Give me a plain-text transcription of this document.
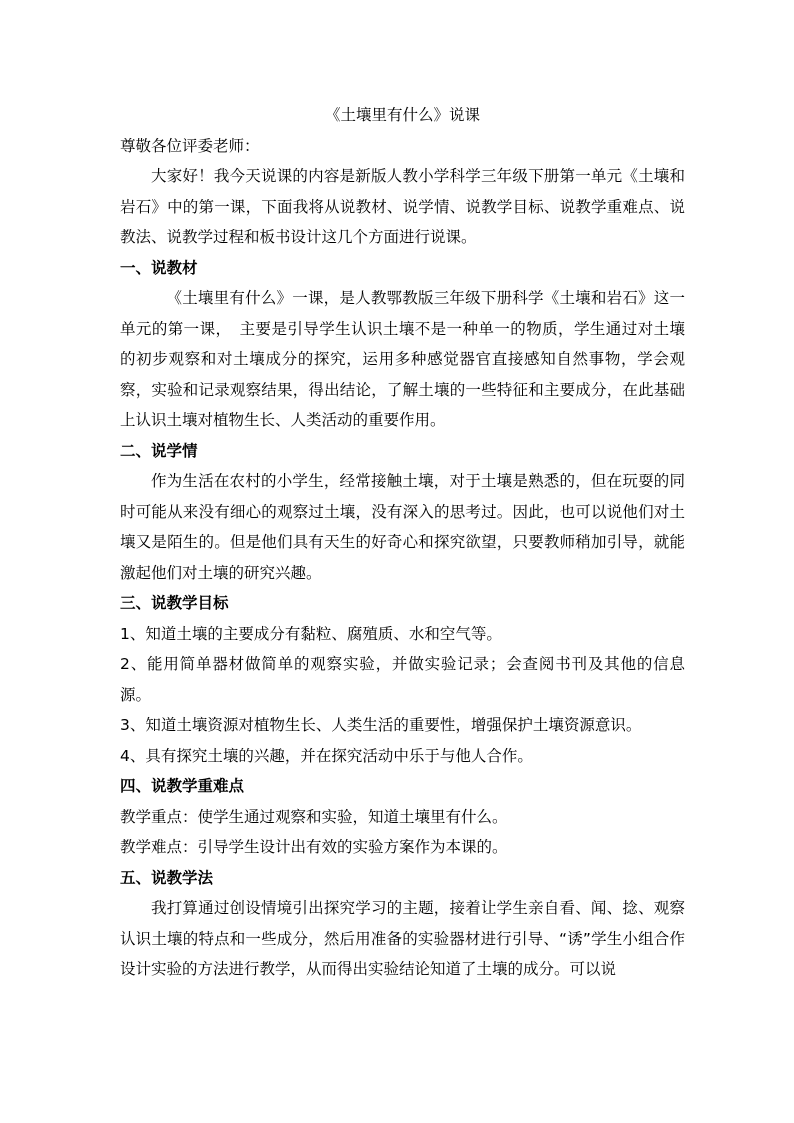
《土壤里有什么》说课

尊敬各位评委老师：

大家好！我今天说课的内容是新版人教小学科学三年级下册第一单元《土壤和岩石》中的第一课，下面我将从说教材、说学情、说教学目标、说教学重难点、说教法、说教学过程和板书设计这几个方面进行说课。

一、说教材

《土壤里有什么》一课，是人教鄂教版三年级下册科学《土壤和岩石》这一单元的第一课，　主要是引导学生认识土壤不是一种单一的物质，学生通过对土壤的初步观察和对土壤成分的探究，运用多种感觉器官直接感知自然事物，学会观察，实验和记录观察结果，得出结论，了解土壤的一些特征和主要成分，在此基础上认识土壤对植物生长、人类活动的重要作用。

二、说学情

作为生活在农村的小学生，经常接触土壤，对于土壤是熟悉的，但在玩耍的同时可能从来没有细心的观察过土壤，没有深入的思考过。因此，也可以说他们对土壤又是陌生的。但是他们具有天生的好奇心和探究欲望，只要教师稍加引导，就能激起他们对土壤的研究兴趣。

三、说教学目标

1、知道土壤的主要成分有黏粒、腐殖质、水和空气等。

2、能用简单器材做简单的观察实验，并做实验记录；会查阅书刊及其他的信息源。

3、知道土壤资源对植物生长、人类生活的重要性，增强保护土壤资源意识。

4、具有探究土壤的兴趣，并在探究活动中乐于与他人合作。

四、说教学重难点

教学重点：使学生通过观察和实验，知道土壤里有什么。

教学难点：引导学生设计出有效的实验方案作为本课的。

五、说教学法

我打算通过创设情境引出探究学习的主题，接着让学生亲自看、闻、捻、观察认识土壤的特点和一些成分，然后用准备的实验器材进行引导、“诱”学生小组合作设计实验的方法进行教学，从而得出实验结论知道了土壤的成分。可以说
